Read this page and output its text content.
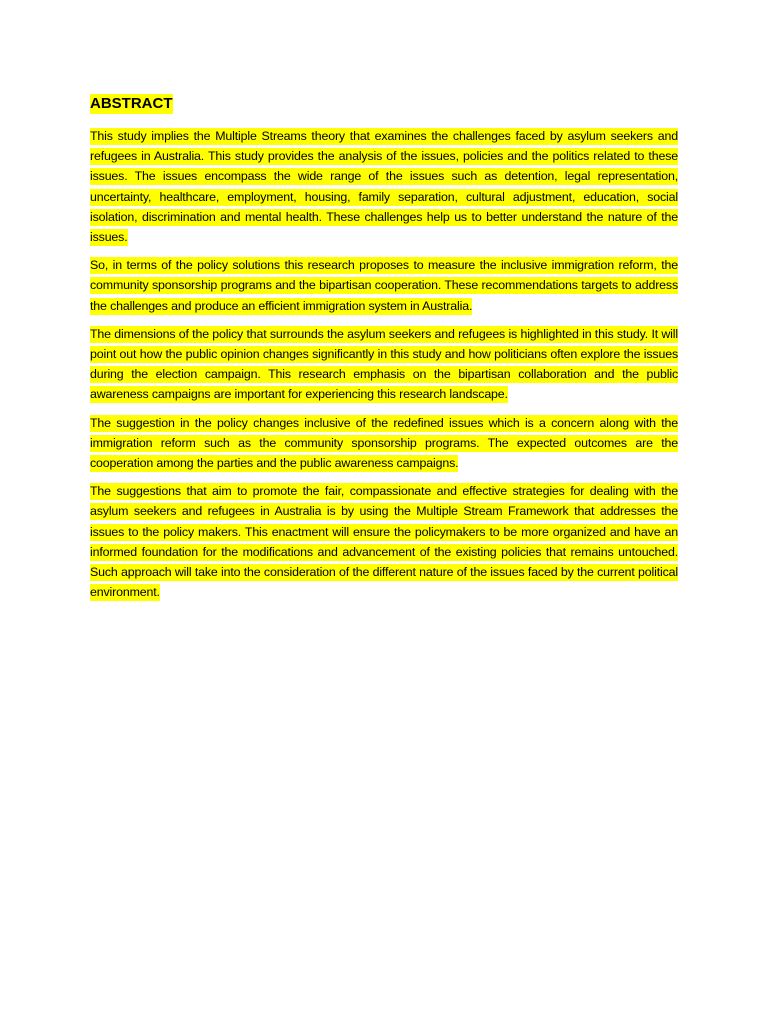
ABSTRACT

This study implies the Multiple Streams theory that examines the challenges faced by asylum seekers and refugees in Australia. This study provides the analysis of the issues, policies and the politics related to these issues. The issues encompass the wide range of the issues such as detention, legal representation, uncertainty, healthcare, employment, housing, family separation, cultural adjustment, education, social isolation, discrimination and mental health. These challenges help us to better understand the nature of the issues.

So, in terms of the policy solutions this research proposes to measure the inclusive immigration reform, the community sponsorship programs and the bipartisan cooperation. These recommendations targets to address the challenges and produce an efficient immigration system in Australia.

The dimensions of the policy that surrounds the asylum seekers and refugees is highlighted in this study. It will point out how the public opinion changes significantly in this study and how politicians often explore the issues during the election campaign. This research emphasis on the bipartisan collaboration and the public awareness campaigns are important for experiencing this research landscape.

The suggestion in the policy changes inclusive of the redefined issues which is a concern along with the immigration reform such as the community sponsorship programs. The expected outcomes are the cooperation among the parties and the public awareness campaigns.

The suggestions that aim to promote the fair, compassionate and effective strategies for dealing with the asylum seekers and refugees in Australia is by using the Multiple Stream Framework that addresses the issues to the policy makers. This enactment will ensure the policymakers to be more organized and have an informed foundation for the modifications and advancement of the existing policies that remains untouched. Such approach will take into the consideration of the different nature of the issues faced by the current political environment.
